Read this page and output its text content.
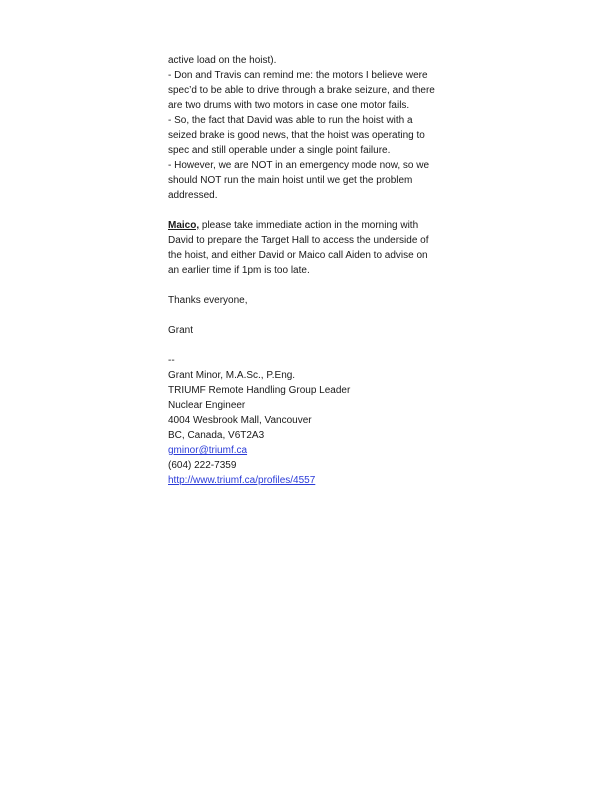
active load on the hoist).
- Don and Travis can remind me: the motors I believe were
spec’d to be able to drive through a brake seizure, and there
are two drums with two motors in case one motor fails.
- So, the fact that David was able to run the hoist with a
seized brake is good news, that the hoist was operating to
spec and still operable under a single point failure.
- However, we are NOT in an emergency mode now, so we
should NOT run the main hoist until we get the problem
addressed.
Maico, please take immediate action in the morning with
David to prepare the Target Hall to access the underside of
the hoist, and either David or Maico call Aiden to advise on
an earlier time if 1pm is too late.
Thanks everyone,
Grant
--
Grant Minor, M.A.Sc., P.Eng.
TRIUMF Remote Handling Group Leader
Nuclear Engineer
4004 Wesbrook Mall, Vancouver
BC, Canada, V6T2A3
gminor@triumf.ca
(604) 222-7359
http://www.triumf.ca/profiles/4557
